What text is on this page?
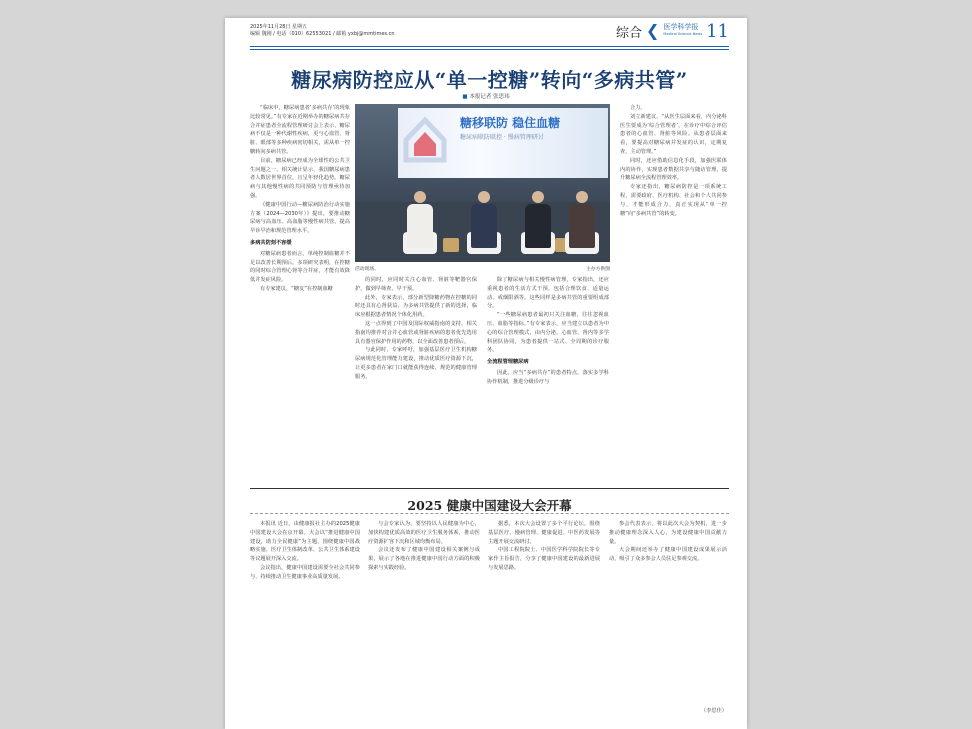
2025年11月28日 星期五
编辑 魏刚 / 电话（010）62553021 / 邮箱 yxbj@mmtimes.cn	综合 ❮ 医学科学报
Medical Science News 11
糖尿病防控应从“单一控糖”转向“多病共管”
■ 本报记者 张思玮

“临床中，糖尿病患者‘多病共存’的现象比较常见。”有专家在近期举办的糖尿病共存合并症患者全流程管理研讨会上表示，糖尿病不仅是一种代谢性疾病，更与心血管、肾脏、眼部等多种疾病密切相关，需从单一控糖转向多病共管。

目前，糖尿病已经成为全球性的公共卫生问题之一。相关统计显示，我国糖尿病患者人数居世界首位，且呈年轻化趋势。糖尿病与其他慢性病的共同预防与管理亟待加强。

《健康中国行动—糖尿病防治行动实施方案（2024—2030年）》提出，要推动糖尿病与高血压、高血脂等慢性病共管，提高早诊早治和规范管理水平。

多病共防刻不容缓

对糖尿病患者而言，单纯控制血糖并不足以改善长期预后。多项研究表明，在控糖的同时综合管理心肾等合并症，才能有效降低并发症风险。

有专家建议，“糖友”在控制血糖

糖移联防 稳住血糖
糖尿病联防联控 · 慢病管理研讨
活动现场。	主办方供图

的同时，应同时关注心血管、肾脏等靶器官保护，做到早筛查、早干预。

此外，专家表示，部分新型降糖药物在控糖的同时还具有心肾获益，为多病共管提供了新的选择，临床应根据患者情况个体化用药。

这一点得到了中国及国际权威指南的支持，相关指南均推荐对合并心血管或肾脏疾病的患者优先选用具有器官保护作用的药物，以全面改善患者预后。

与此同时，专家呼吁，加强基层医疗卫生机构糖尿病规范化管理能力建设，推动优质医疗资源下沉，让更多患者在家门口就能获得连续、规范的健康管理服务。

除了糖尿病与相关慢性病管理，专家指出，还应重视患者的生活方式干预，包括合理饮食、适量运动、戒烟限酒等，这些同样是多病共管的重要组成部分。

“一些糖尿病患者最初只关注血糖，往往忽视血压、血脂等指标。”有专家表示，应当建立以患者为中心的综合管理模式，由内分泌、心血管、肾内等多学科团队协同，为患者提供一站式、全周期的诊疗服务。

全流程管理糖尿病

因此，应当“多病共存”的患者特点，落实多学科协作机制，推进分级诊疗与

合力。

刘立新建议，“从医生层面来看，内分泌科医生要成为‘综合管理者’，在诊疗中综合评估患者的心血管、肾脏等风险。从患者层面来看，要提高对糖尿病并发症的认识，定期复查，主动管理。”

同时，还应借助信息化手段，加强医联体内的协作，实现患者数据共享与随访管理，提升糖尿病全流程管理效率。

专家还指出，糖尿病防控是一项系统工程，需要政府、医疗机构、社会和个人共同参与，才能形成合力，真正实现从“单一控糖”向“多病共管”的转变。

2025 健康中国建设大会开幕

本报讯 近日，由健康报社主办的2025健康中国建设大会在京开幕。大会以“推进健康中国建设，助力全民健康”为主题，围绕健康中国战略实施、医疗卫生体制改革、公共卫生体系建设等议题展开深入交流。

会议指出，健康中国建设需要全社会共同参与，持续推动卫生健康事业高质量发展。

与会专家认为，要坚持以人民健康为中心，加快构建优质高效的医疗卫生服务体系，推动医疗资源扩容下沉和区域均衡布局。

会议还发布了健康中国建设相关案例与成果，展示了各地在推进健康中国行动方面的积极探索与实践经验。

据悉，本次大会设置了多个平行论坛，围绕基层医疗、慢病管理、健康促进、中医药发展等主题开展交流研讨。

中国工程院院士、中国医学科学院院长等专家作主旨报告，分享了健康中国建设的最新进展与发展思路。

参会代表表示，将以此次大会为契机，进一步推动健康理念深入人心，为建设健康中国贡献力量。

大会期间还举办了健康中国建设成果展示活动，吸引了众多参会人员驻足参观交流。

（李思佳）
